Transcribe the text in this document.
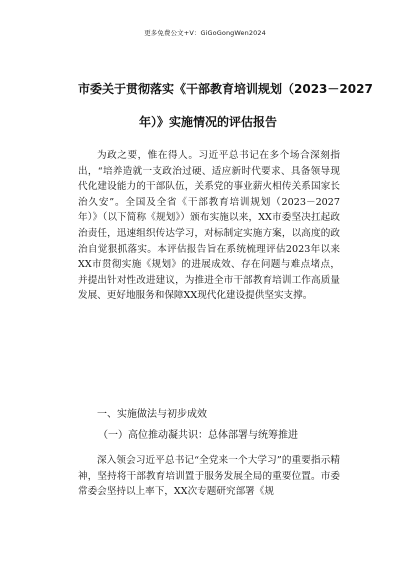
更多免费公文+V：GiGoGongWen2024
市委关于贯彻落实《干部教育培训规划（2023－2027
年）》实施情况的评估报告

为政之要，惟在得人。习近平总书记在多个场合深刻指出，“培养造就一支政治过硬、适应新时代要求、具备领导现代化建设能力的干部队伍，关系党的事业薪火相传关系国家长治久安”。全国及全省《干部教育培训规划（2023－2027年）》（以下简称《规划》）颁布实施以来，XX市委坚决扛起政治责任，迅速组织传达学习，对标制定实施方案，以高度的政治自觉狠抓落实。本评估报告旨在系统梳理评估2023年以来XX市贯彻实施《规划》的进展成效、存在问题与难点堵点，并提出针对性改进建议，为推进全市干部教育培训工作高质量发展、更好地服务和保障XX现代化建设提供坚实支撑。

一、实施做法与初步成效

（一）高位推动凝共识：总体部署与统筹推进

深入领会习近平总书记“全党来一个大学习”的重要指示精神，坚持将干部教育培训置于服务发展全局的重要位置。市委常委会坚持以上率下，XX次专题研究部署《规
